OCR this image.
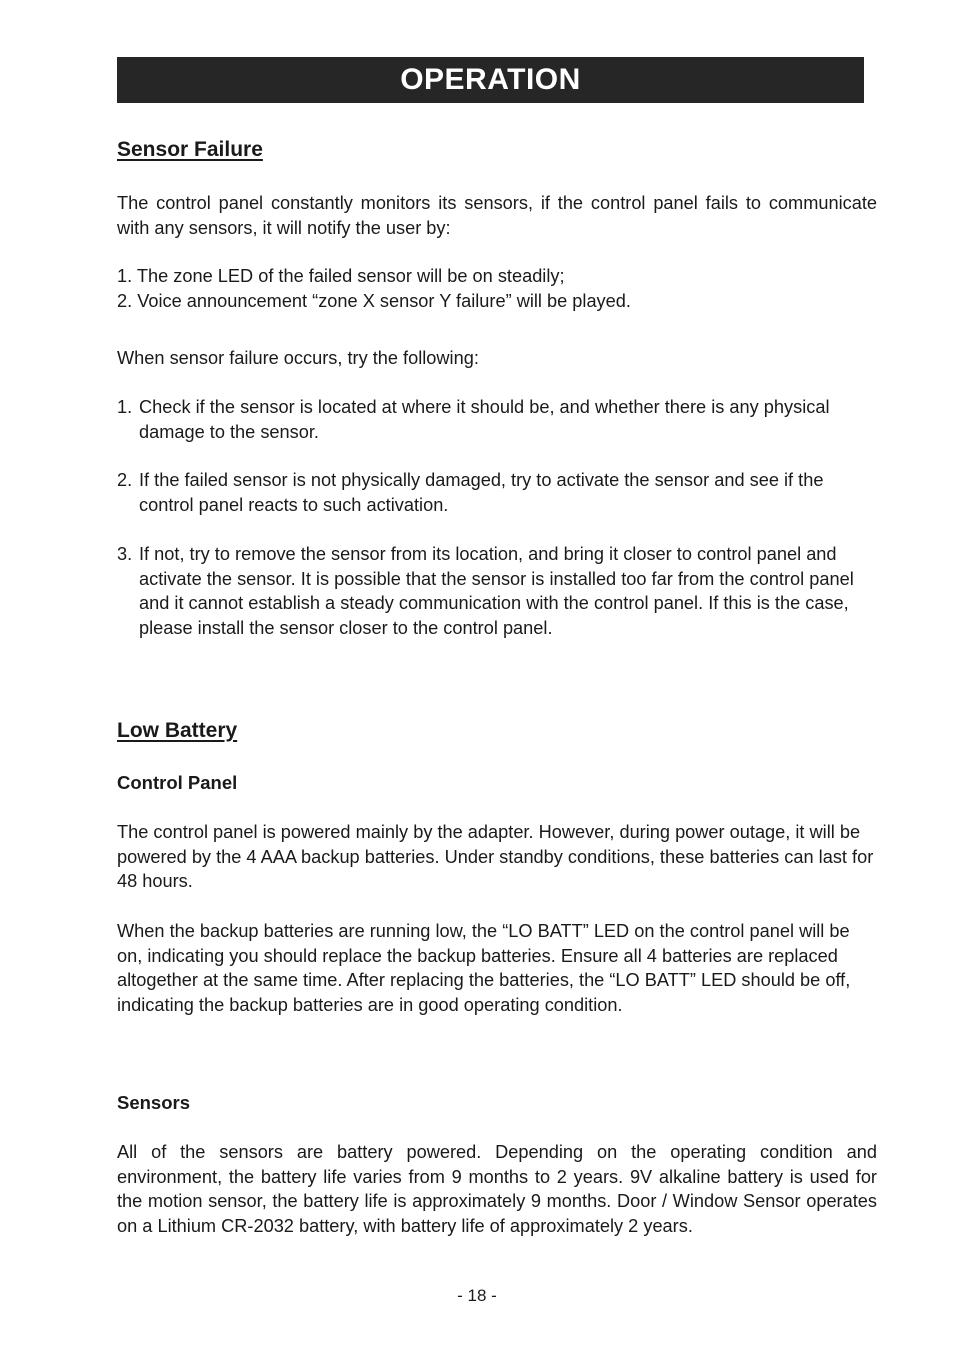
OPERATION
Sensor Failure

The control panel constantly monitors its sensors, if the control panel fails to communicate with any sensors, it will notify the user by:

1. The zone LED of the failed sensor will be on steadily;

2. Voice announcement “zone X sensor Y failure” will be played.

When sensor failure occurs, try the following:

1. Check if the sensor is located at where it should be, and whether there is any physical damage to the sensor.
2. If the failed sensor is not physically damaged, try to activate the sensor and see if the control panel reacts to such activation.
3. If not, try to remove the sensor from its location, and bring it closer to control panel and activate the sensor. It is possible that the sensor is installed too far from the control panel and it cannot establish a steady communication with the control panel. If this is the case, please install the sensor closer to the control panel.
Low Battery
Control Panel

The control panel is powered mainly by the adapter. However, during power outage, it will be powered by the 4 AAA backup batteries. Under standby conditions, these batteries can last for 48 hours.

When the backup batteries are running low, the “LO BATT” LED on the control panel will be on, indicating you should replace the backup batteries. Ensure all 4 batteries are replaced altogether at the same time. After replacing the batteries, the “LO BATT” LED should be off, indicating the backup batteries are in good operating condition.

Sensors

All of the sensors are battery powered. Depending on the operating condition and environment, the battery life varies from 9 months to 2 years. 9V alkaline battery is used for the motion sensor, the battery life is approximately 9 months. Door / Window Sensor operates on a Lithium CR-2032 battery, with battery life of approximately 2 years.

- 18 -
